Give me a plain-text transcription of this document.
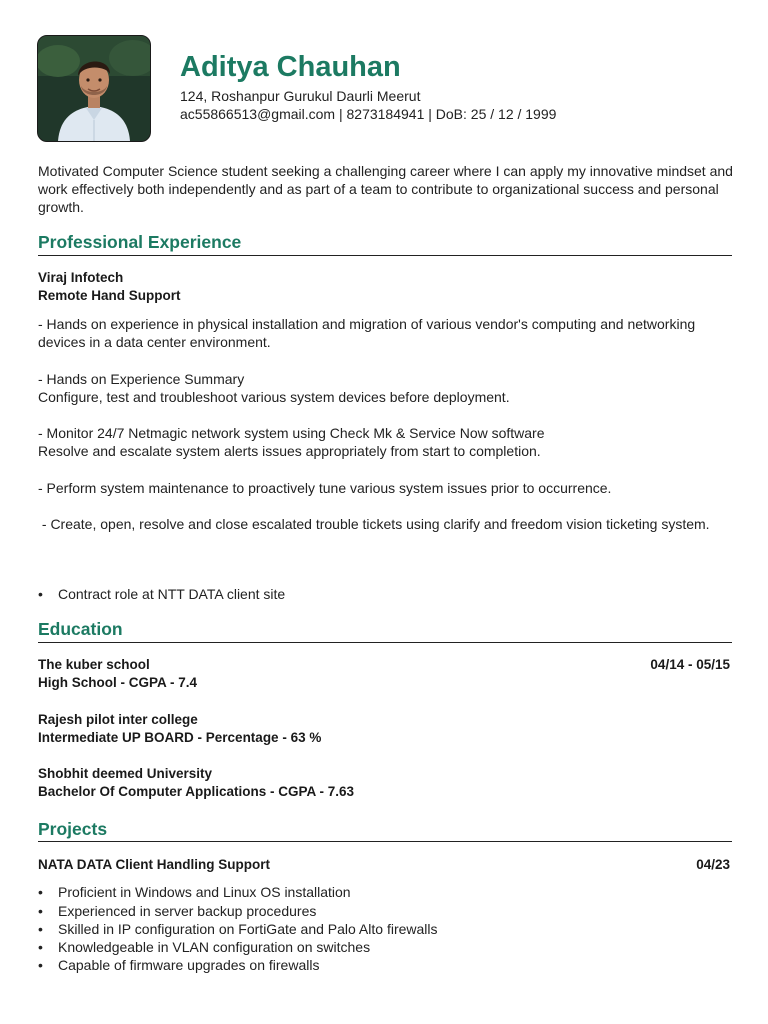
Aditya Chauhan
124, Roshanpur Gurukul Daurli Meerut
ac55866513@gmail.com | 8273184941 | DoB: 25 / 12 / 1999
Motivated Computer Science student seeking a challenging career where I can apply my innovative mindset and work effectively both independently and as part of a team to contribute to organizational success and personal growth.
Professional Experience
Viraj Infotech
Remote Hand Support
- Hands on experience in physical installation and migration of various vendor's computing and networking devices in a data center environment.
- Hands on Experience Summary
Configure, test and troubleshoot various system devices before deployment.
- Monitor 24/7 Netmagic network system using Check Mk & Service Now software
Resolve and escalate system alerts issues appropriately from start to completion.
- Perform system maintenance to proactively tune various system issues prior to occurrence.
- Create, open, resolve and close escalated trouble tickets using clarify and freedom vision ticketing system.
•	Contract role at NTT DATA client site
Education
The kuber school	04/14 - 05/15
High School - CGPA - 7.4
Rajesh pilot inter college
Intermediate UP BOARD - Percentage - 63 %
Shobhit deemed University
Bachelor Of Computer Applications - CGPA - 7.63
Projects
NATA DATA Client Handling Support	04/23
•	Proficient in Windows and Linux OS installation
•	Experienced in server backup procedures
•	Skilled in IP configuration on FortiGate and Palo Alto firewalls
•	Knowledgeable in VLAN configuration on switches
•	Capable of firmware upgrades on firewalls
